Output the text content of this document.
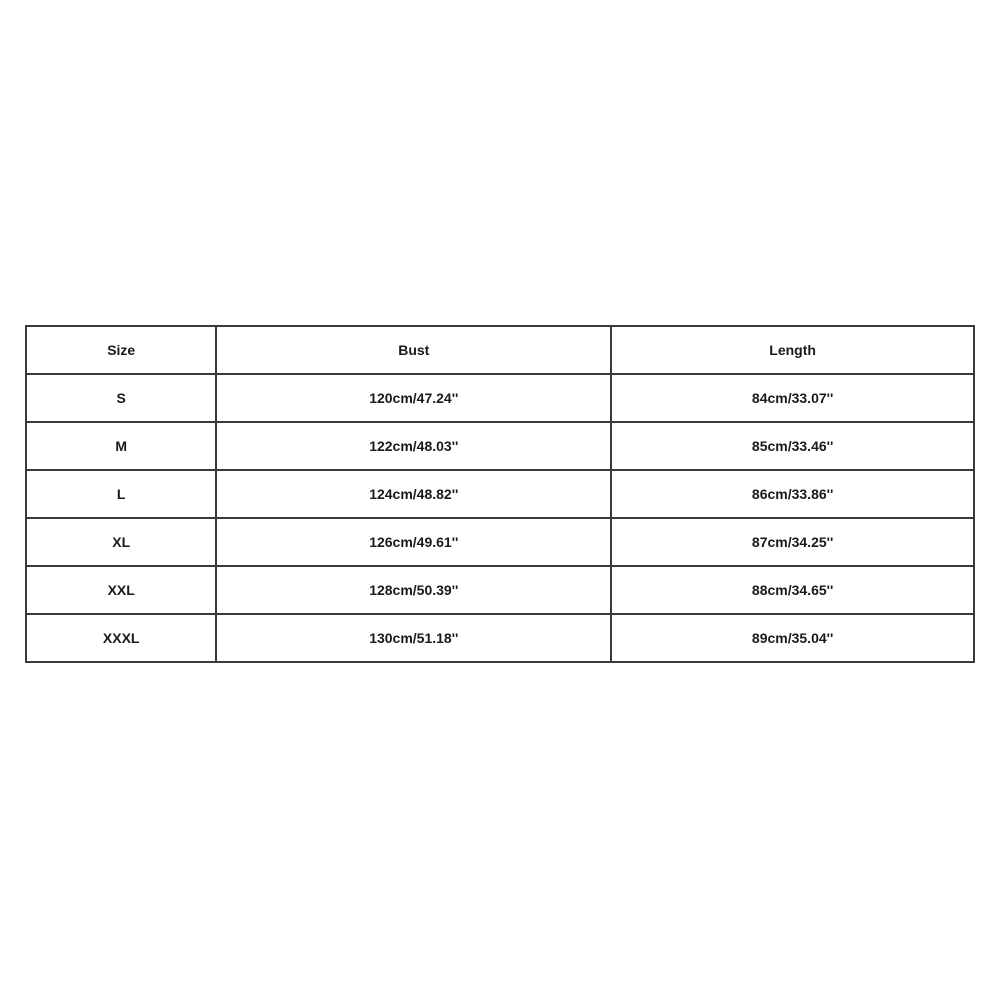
Size	Bust	Length
S	120cm/47.24''	84cm/33.07''
M	122cm/48.03''	85cm/33.46''
L	124cm/48.82''	86cm/33.86''
XL	126cm/49.61''	87cm/34.25''
XXL	128cm/50.39''	88cm/34.65''
XXXL	130cm/51.18''	89cm/35.04''
